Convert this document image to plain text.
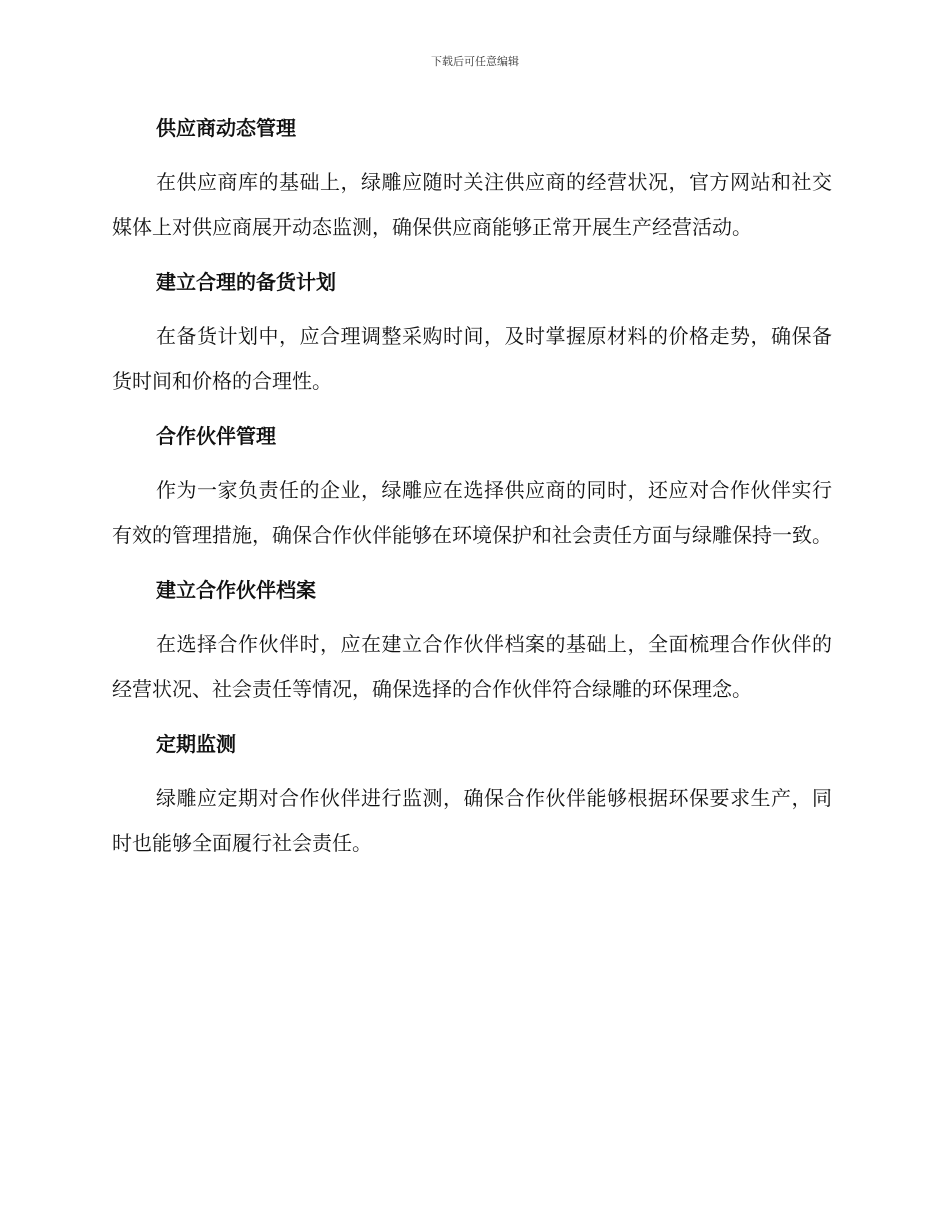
下载后可任意编辑

供应商动态管理

在供应商库的基础上，绿雕应随时关注供应商的经营状况，官方网站和社交媒体上对供应商展开动态监测，确保供应商能够正常开展生产经营活动。

建立合理的备货计划

在备货计划中，应合理调整采购时间，及时掌握原材料的价格走势，确保备货时间和价格的合理性。

合作伙伴管理

作为一家负责任的企业，绿雕应在选择供应商的同时，还应对合作伙伴实行有效的管理措施，确保合作伙伴能够在环境保护和社会责任方面与绿雕保持一致。

建立合作伙伴档案

在选择合作伙伴时，应在建立合作伙伴档案的基础上，全面梳理合作伙伴的经营状况、社会责任等情况，确保选择的合作伙伴符合绿雕的环保理念。

定期监测

绿雕应定期对合作伙伴进行监测，确保合作伙伴能够根据环保要求生产，同时也能够全面履行社会责任。
